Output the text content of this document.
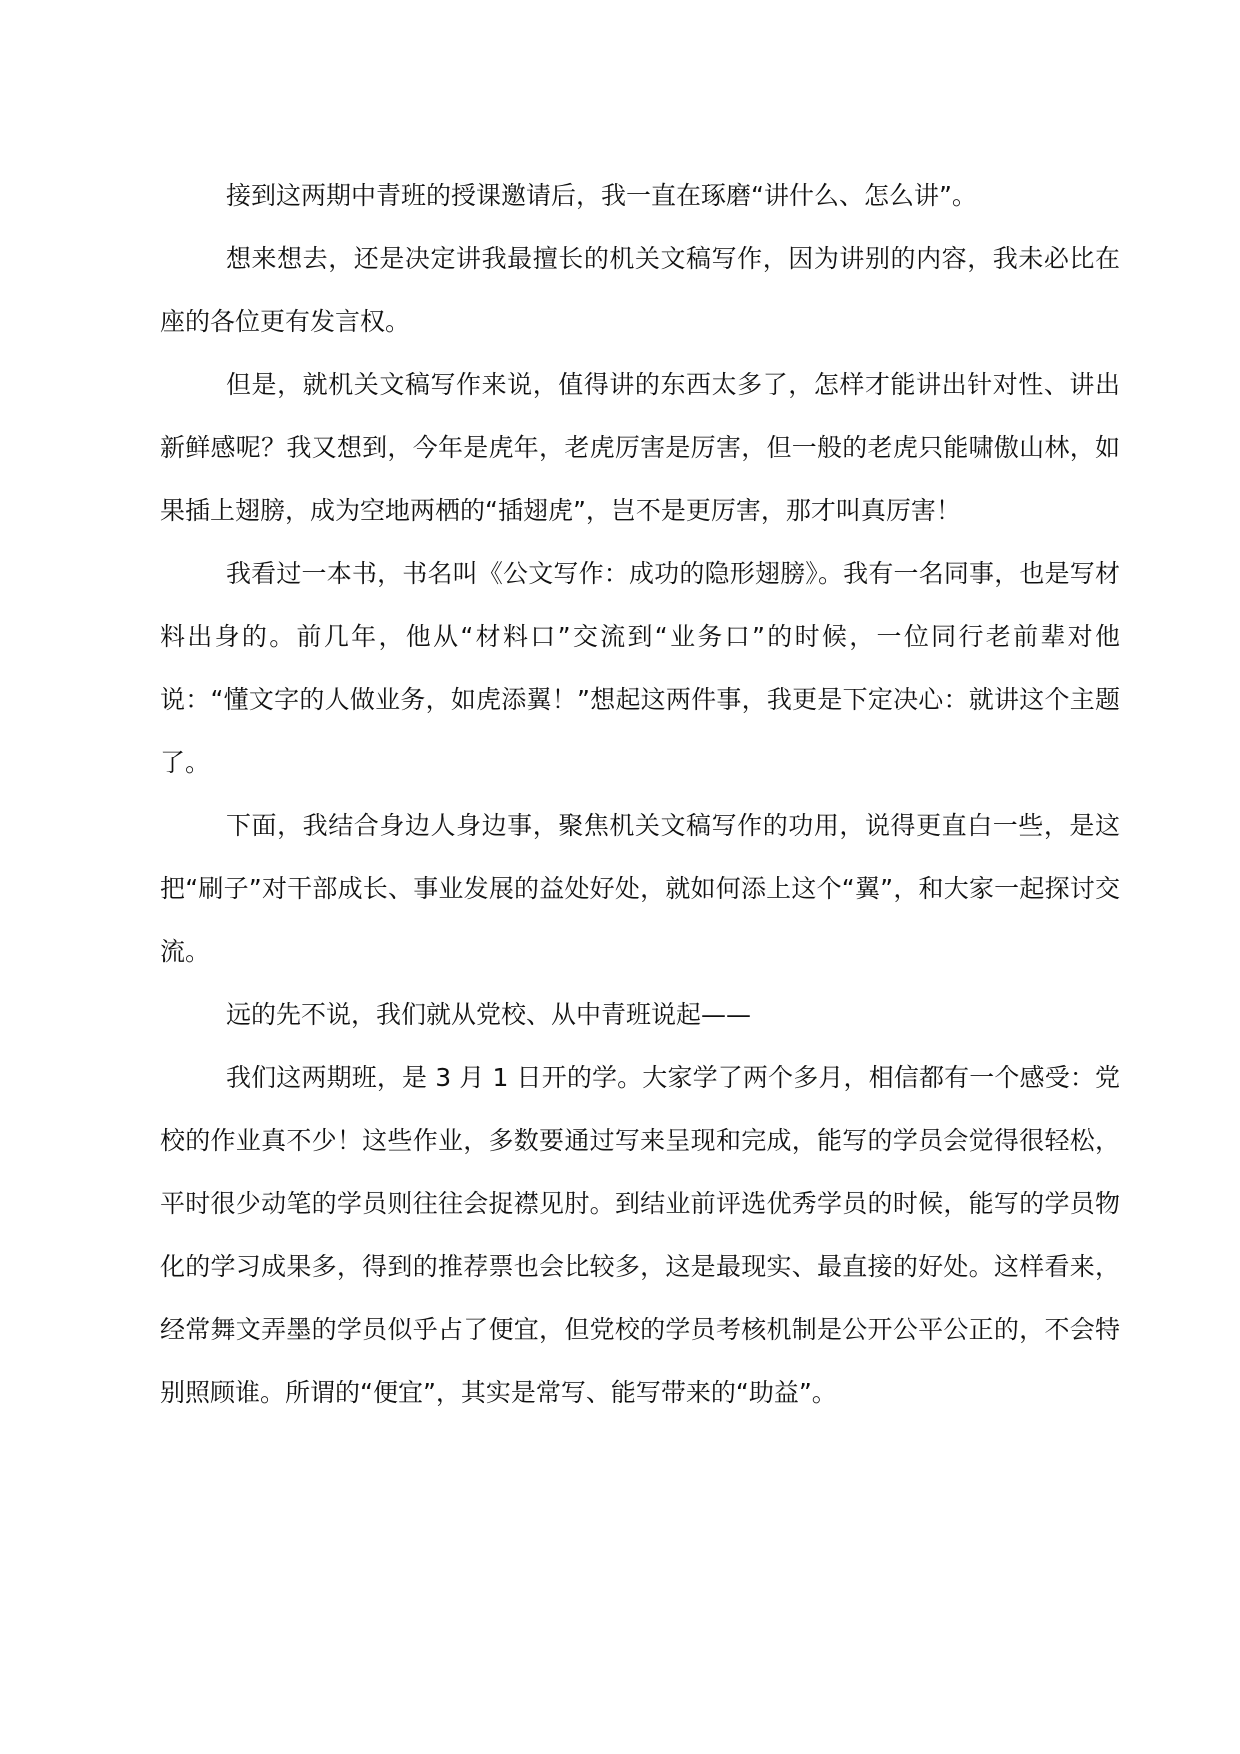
接到这两期中青班的授课邀请后，我一直在琢磨“讲什么、怎么讲”。

想来想去，还是决定讲我最擅长的机关文稿写作，因为讲别的内容，我未必比在座的各位更有发言权。

但是，就机关文稿写作来说，值得讲的东西太多了，怎样才能讲出针对性、讲出新鲜感呢？我又想到，今年是虎年，老虎厉害是厉害，但一般的老虎只能啸傲山林，如果插上翅膀，成为空地两栖的“插翅虎”，岂不是更厉害，那才叫真厉害！

我看过一本书，书名叫《公文写作：成功的隐形翅膀》。我有一名同事，也是写材料出身的。前几年，他从“材料口”交流到“业务口”的时候，一位同行老前辈对他说：“懂文字的人做业务，如虎添翼！”想起这两件事，我更是下定决心：就讲这个主题了。

下面，我结合身边人身边事，聚焦机关文稿写作的功用，说得更直白一些，是这把“刷子”对干部成长、事业发展的益处好处，就如何添上这个“翼”，和大家一起探讨交流。

远的先不说，我们就从党校、从中青班说起——

我们这两期班，是 3 月 1 日开的学。大家学了两个多月，相信都有一个感受：党校的作业真不少！这些作业，多数要通过写来呈现和完成，能写的学员会觉得很轻松，平时很少动笔的学员则往往会捉襟见肘。到结业前评选优秀学员的时候，能写的学员物化的学习成果多，得到的推荐票也会比较多，这是最现实、最直接的好处。这样看来，经常舞文弄墨的学员似乎占了便宜，但党校的学员考核机制是公开公平公正的，不会特别照顾谁。所谓的“便宜”，其实是常写、能写带来的“助益”。
